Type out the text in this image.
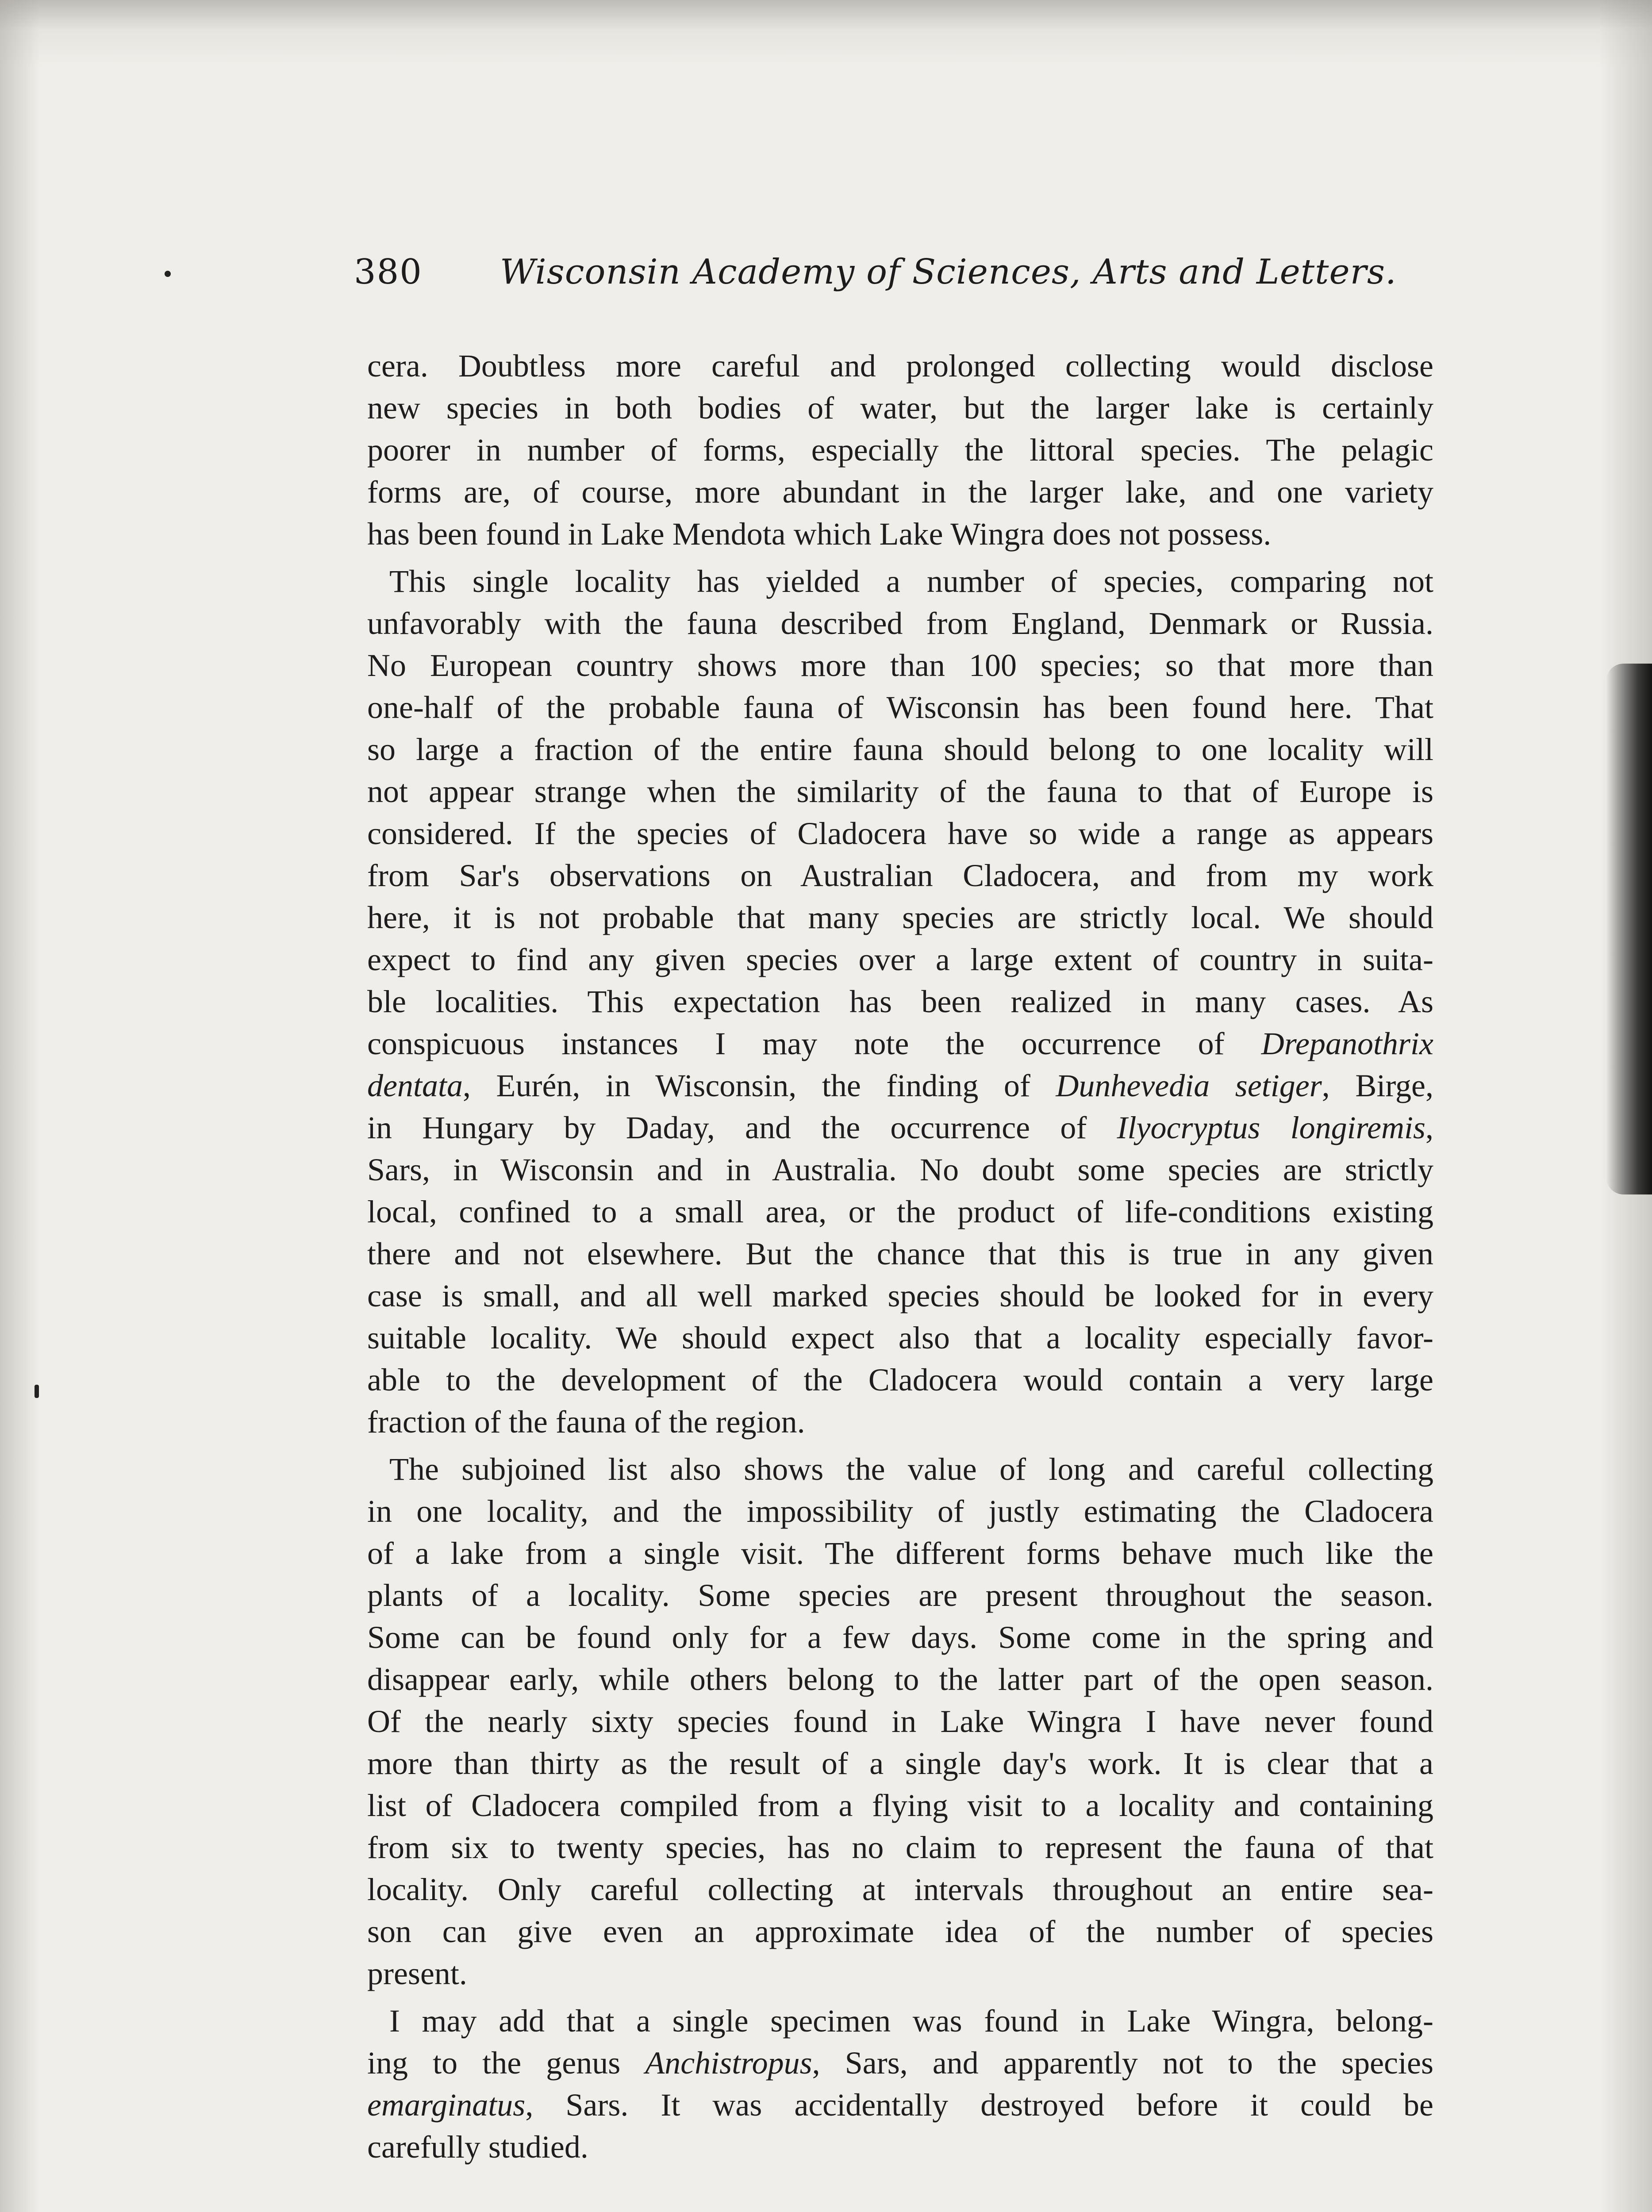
380 Wisconsin Academy of Sciences, Arts and Letters.

cera. Doubtless more careful and prolonged collecting would disclose
new species in both bodies of water, but the larger lake is certainly
poorer in number of forms, especially the littoral species. The pelagic
forms are, of course, more abundant in the larger lake, and one variety
has been found in Lake Mendota which Lake Wingra does not possess.

This single locality has yielded a number of species, comparing not
unfavorably with the fauna described from England, Denmark or Russia.
No European country shows more than 100 species; so that more than
one-half of the probable fauna of Wisconsin has been found here. That
so large a fraction of the entire fauna should belong to one locality will
not appear strange when the similarity of the fauna to that of Europe is
considered. If the species of Cladocera have so wide a range as appears
from Sar's observations on Australian Cladocera, and from my work
here, it is not probable that many species are strictly local. We should
expect to find any given species over a large extent of country in suita-
ble localities. This expectation has been realized in many cases. As
conspicuous instances I may note the occurrence of Drepanothrix
dentata, Eurén, in Wisconsin, the finding of Dunhevedia setiger, Birge,
in Hungary by Daday, and the occurrence of Ilyocryptus longiremis,
Sars, in Wisconsin and in Australia. No doubt some species are strictly
local, confined to a small area, or the product of life-conditions existing
there and not elsewhere. But the chance that this is true in any given
case is small, and all well marked species should be looked for in every
suitable locality. We should expect also that a locality especially favor-
able to the development of the Cladocera would contain a very large
fraction of the fauna of the region.

The subjoined list also shows the value of long and careful collecting
in one locality, and the impossibility of justly estimating the Cladocera
of a lake from a single visit. The different forms behave much like the
plants of a locality. Some species are present throughout the season.
Some can be found only for a few days. Some come in the spring and
disappear early, while others belong to the latter part of the open season.
Of the nearly sixty species found in Lake Wingra I have never found
more than thirty as the result of a single day's work. It is clear that a
list of Cladocera compiled from a flying visit to a locality and containing
from six to twenty species, has no claim to represent the fauna of that
locality. Only careful collecting at intervals throughout an entire sea-
son can give even an approximate idea of the number of species
present.

I may add that a single specimen was found in Lake Wingra, belong-
ing to the genus Anchistropus, Sars, and apparently not to the species
emarginatus, Sars. It was accidentally destroyed before it could be
carefully studied.
